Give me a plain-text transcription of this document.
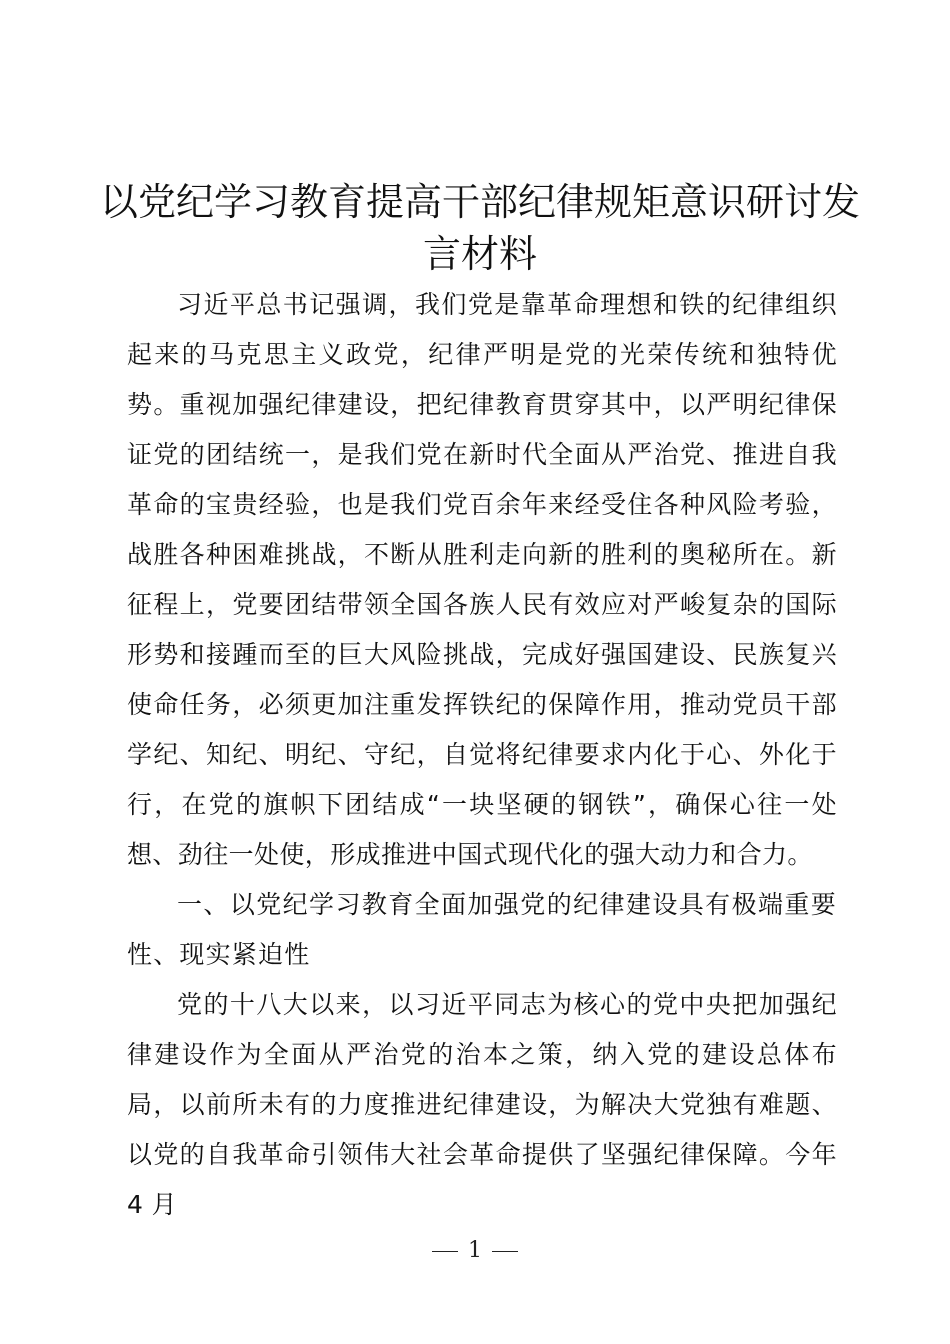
以党纪学习教育提高干部纪律规矩意识研讨发言材料

习近平总书记强调，我们党是靠革命理想和铁的纪律组织起来的马克思主义政党，纪律严明是党的光荣传统和独特优势。重视加强纪律建设，把纪律教育贯穿其中，以严明纪律保证党的团结统一，是我们党在新时代全面从严治党、推进自我革命的宝贵经验，也是我们党百余年来经受住各种风险考验，战胜各种困难挑战，不断从胜利走向新的胜利的奥秘所在。新征程上，党要团结带领全国各族人民有效应对严峻复杂的国际形势和接踵而至的巨大风险挑战，完成好强国建设、民族复兴使命任务，必须更加注重发挥铁纪的保障作用，推动党员干部学纪、知纪、明纪、守纪，自觉将纪律要求内化于心、外化于行，在党的旗帜下团结成“一块坚硬的钢铁”，确保心往一处想、劲往一处使，形成推进中国式现代化的强大动力和合力。

一、以党纪学习教育全面加强党的纪律建设具有极端重要性、现实紧迫性

党的十八大以来，以习近平同志为核心的党中央把加强纪律建设作为全面从严治党的治本之策，纳入党的建设总体布局，以前所未有的力度推进纪律建设，为解决大党独有难题、以党的自我革命引领伟大社会革命提供了坚强纪律保障。今年 4 月

1
